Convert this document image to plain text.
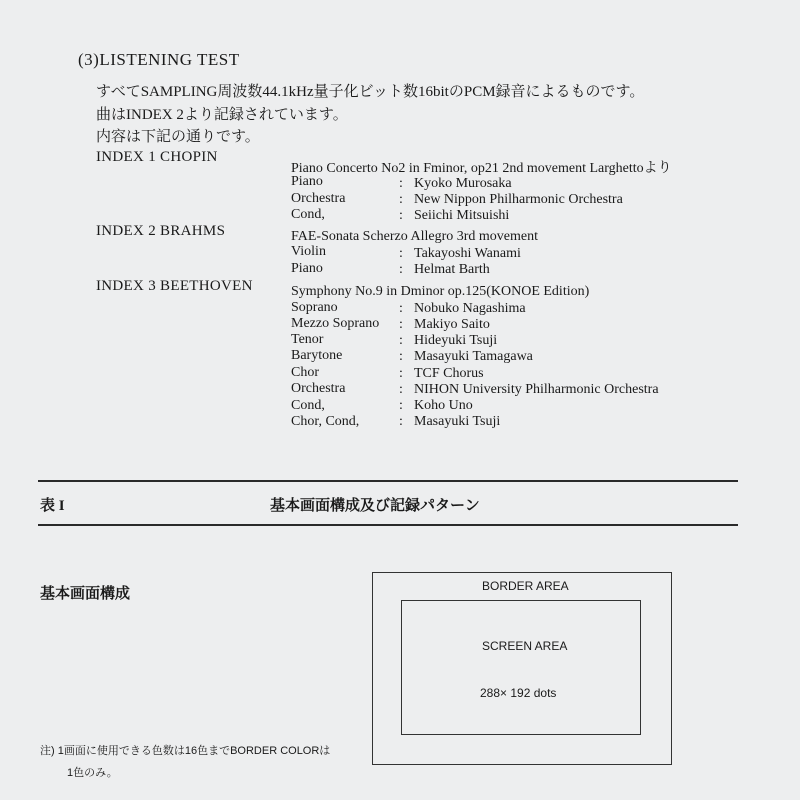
(3)LISTENING TEST
すべてSAMPLING周波数44.1kHz量子化ビット数16bitのPCM録音によるものです。
曲はINDEX 2より記録されています。
内容は下記の通りです。
INDEX 1 CHOPIN
Piano Concerto No2 in Fminor, op21 2nd movement Larghettoより
Piano	: Kyoko Murosaka
Orchestra	: New Nippon Philharmonic Orchestra
Cond,	: Seiichi Mitsuishi
INDEX 2 BRAHMS	FAE-Sonata Scherzo Allegro 3rd movement
Violin	: Takayoshi Wanami
Piano	: Helmat Barth
INDEX 3 BEETHOVEN	Symphony No.9 in Dminor op.125(KONOE Edition)
Soprano	: Nobuko Nagashima
Mezzo Soprano : Makiyo Saito
Tenor	: Hideyuki Tsuji
Barytone	: Masayuki Tamagawa
Chor	: TCF Chorus
Orchestra	: NIHON University Philharmonic Orchestra
Cond,	: Koho Uno
Chor, Cond,	: Masayuki Tsuji
表 I	基本画面構成及び記録パターン
基本画面構成	BORDER AREA
SCREEN AREA
288× 192 dots
注) 1画面に使用できる色数は16色までBORDER COLORは
1色のみ。
